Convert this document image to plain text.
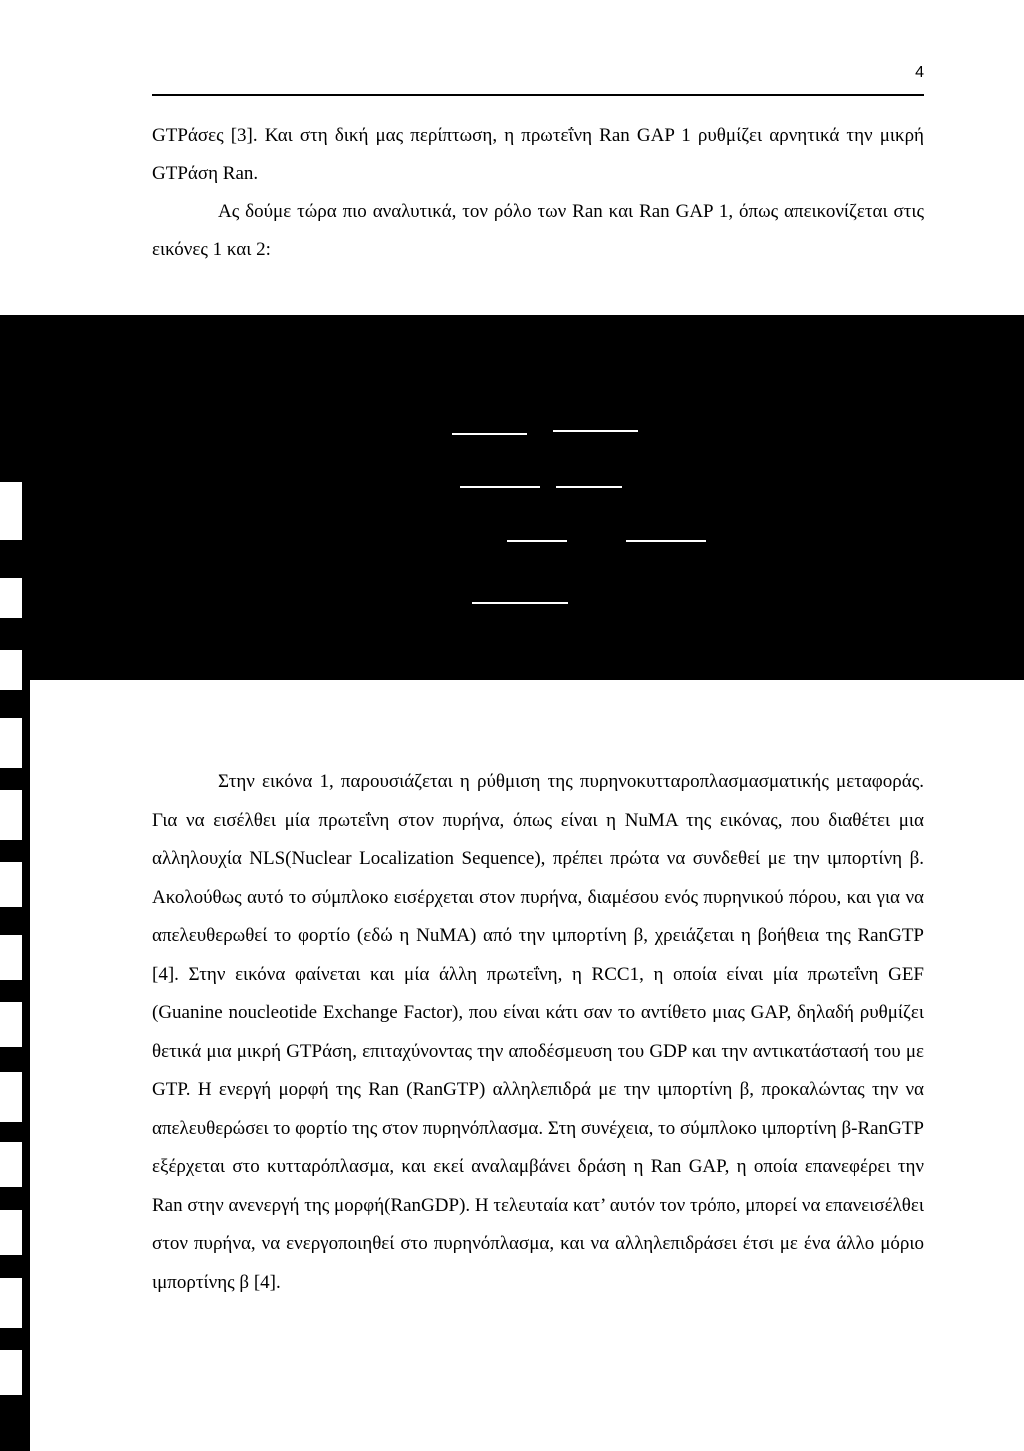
4
GTPάσες [3]. Και στη δική μας περίπτωση, η πρωτεΐνη Ran GAP 1 ρυθμίζει αρνητικά την μικρή GTPάση Ran.
Ας δούμε τώρα πιο αναλυτικά, τον ρόλο των Ran και Ran GAP 1, όπως απεικονίζεται στις εικόνες 1 και 2:
Cytoplasmic
Στην εικόνα 1, παρουσιάζεται η ρύθμιση της πυρηνοκυτταροπλασμασματικής μεταφοράς. Για να εισέλθει μία πρωτεΐνη στον πυρήνα, όπως είναι η NuMA της εικόνας, που διαθέτει μια αλληλουχία NLS(Nuclear Localization Sequence), πρέπει πρώτα να συνδεθεί με την ιμπορτίνη β. Ακολούθως αυτό το σύμπλοκο εισέρχεται στον πυρήνα, διαμέσου ενός πυρηνικού πόρου, και για να απελευθερωθεί το φορτίο (εδώ η NuMA) από την ιμπορτίνη β, χρειάζεται η βοήθεια της RanGTP [4]. Στην εικόνα φαίνεται και μία άλλη πρωτεΐνη, η RCC1, η οποία είναι μία πρωτεΐνη GEF (Guanine noucleotide Exchange Factor), που είναι κάτι σαν το αντίθετο μιας GAP, δηλαδή ρυθμίζει θετικά μια μικρή GTPάση, επιταχύνοντας την αποδέσμευση του GDP και την αντικατάστασή του με GTP. Η ενεργή μορφή της Ran (RanGTP) αλληλεπιδρά με την ιμπορτίνη β, προκαλώντας την να απελευθερώσει το φορτίο της στον πυρηνόπλασμα. Στη συνέχεια, το σύμπλοκο ιμπορτίνη β-RanGTP εξέρχεται στο κυτταρόπλασμα, και εκεί αναλαμβάνει δράση η Ran GAP, η οποία επανεφέρει την Ran στην ανενεργή της μορφή(RanGDP). Η τελευταία κατ’ αυτόν τον τρόπο, μπορεί να επανεισέλθει στον πυρήνα, να ενεργοποιηθεί στο πυρηνόπλασμα, και να αλληλεπιδράσει έτσι με ένα άλλο μόριο ιμπορτίνης β [4].
